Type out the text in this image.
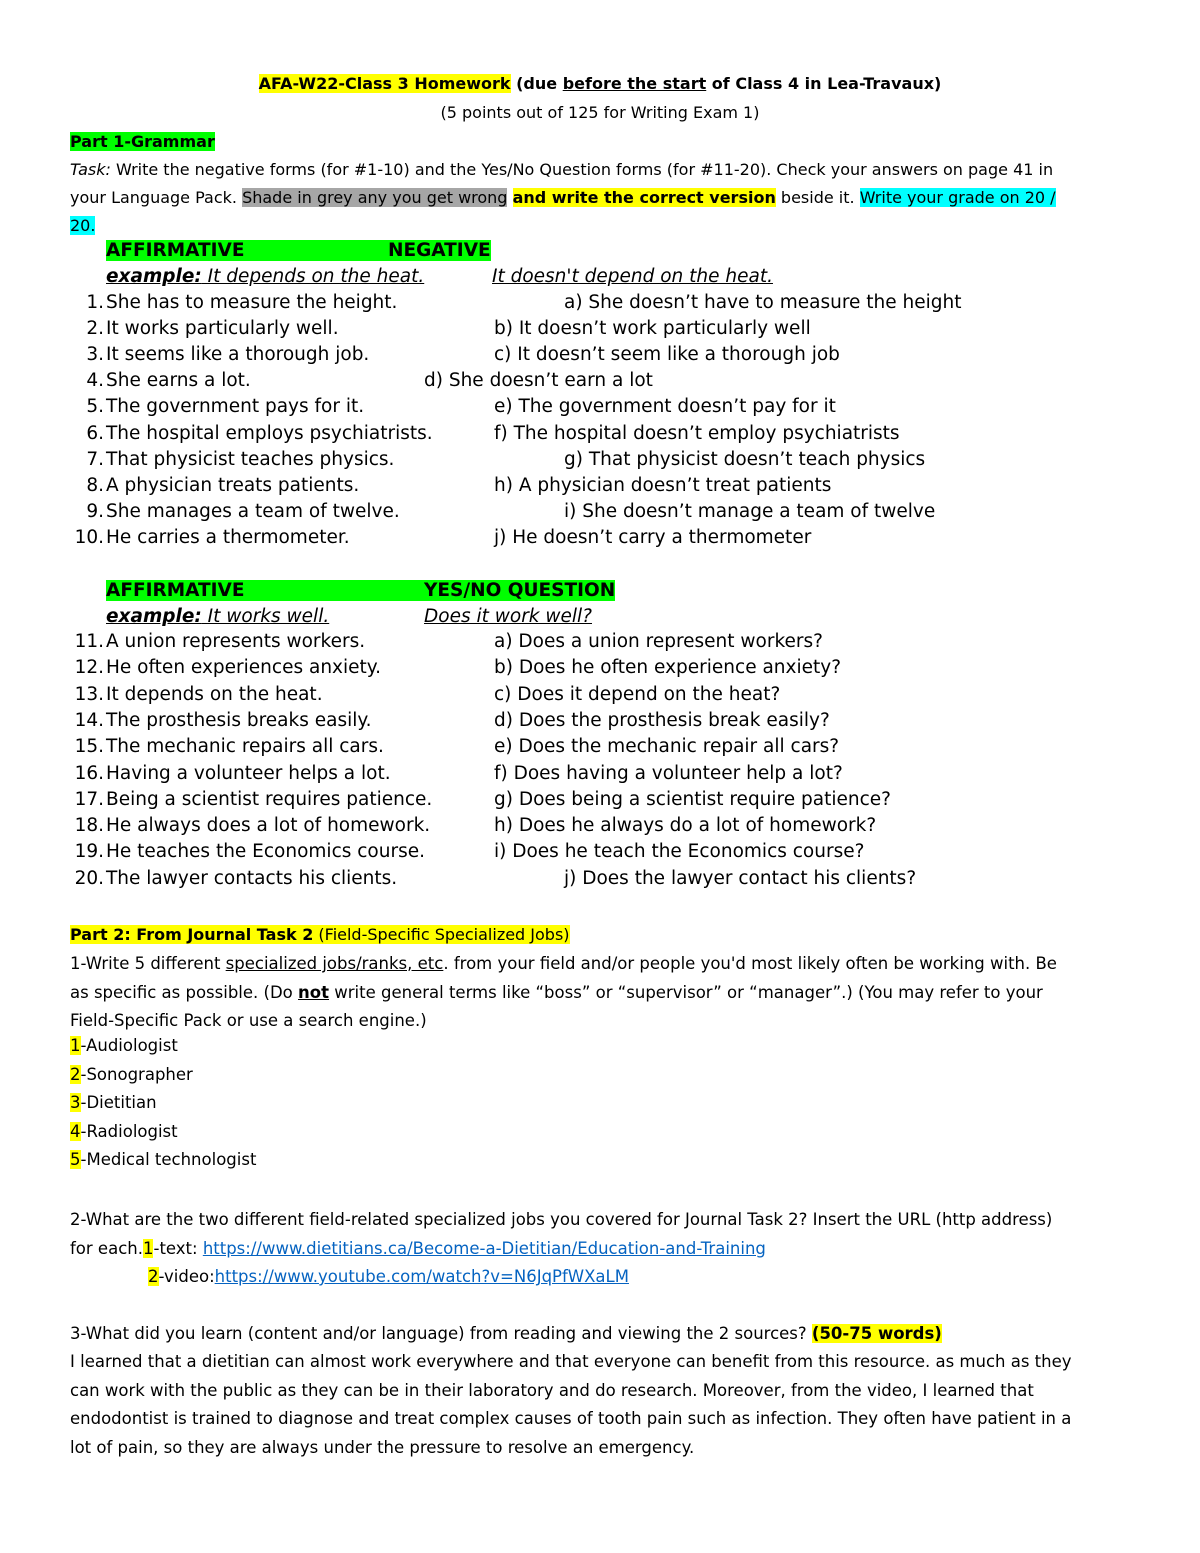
AFA-W22-Class 3 Homework (due before the start of Class 4 in Lea-Travaux)
(5 points out of 125 for Writing Exam 1)
Part 1-Grammar
Task: Write the negative forms (for #1-10) and the Yes/No Question forms (for #11-20). Check your answers on page 41 in
your Language Pack. Shade in grey any you get wrong and write the correct version beside it. Write your grade on 20 /
20.
AFFIRMATIVE	NEGATIVE
example: It depends on the heat.	It doesn't depend on the heat.
1. She has to measure the height.	a) She doesn’t have to measure the height
2. It works particularly well.	b) It doesn’t work particularly well
3. It seems like a thorough job.	c) It doesn’t seem like a thorough job
4. She earns a lot.	d) She doesn’t earn a lot
5. The government pays for it.	e) The government doesn’t pay for it
6. The hospital employs psychiatrists.	f) The hospital doesn’t employ psychiatrists
7. That physicist teaches physics.	g) That physicist doesn’t teach physics
8. A physician treats patients.	h) A physician doesn’t treat patients
9. She manages a team of twelve.	i) She doesn’t manage a team of twelve
10. He carries a thermometer.	j) He doesn’t carry a thermometer
AFFIRMATIVE	YES/NO QUESTION
example: It works well.	Does it work well?
11. A union represents workers.	a) Does a union represent workers?
12. He often experiences anxiety.	b) Does he often experience anxiety?
13. It depends on the heat.	c) Does it depend on the heat?
14. The prosthesis breaks easily.	d) Does the prosthesis break easily?
15. The mechanic repairs all cars.	e) Does the mechanic repair all cars?
16. Having a volunteer helps a lot.	f) Does having a volunteer help a lot?
17. Being a scientist requires patience.	g) Does being a scientist require patience?
18. He always does a lot of homework.	h) Does he always do a lot of homework?
19. He teaches the Economics course.	i) Does he teach the Economics course?
20. The lawyer contacts his clients.	j) Does the lawyer contact his clients?
Part 2: From Journal Task 2 (Field-Specific Specialized Jobs)
1-Write 5 different specialized jobs/ranks, etc. from your field and/or people you'd most likely often be working with. Be
as specific as possible. (Do not write general terms like “boss” or “supervisor” or “manager”.) (You may refer to your
Field-Specific Pack or use a search engine.)
1-Audiologist
2-Sonographer
3-Dietitian
4-Radiologist
5-Medical technologist
2-What are the two different field-related specialized jobs you covered for Journal Task 2? Insert the URL (http address)
for each.1-text: https://www.dietitians.ca/Become-a-Dietitian/Education-and-Training
2-video:https://www.youtube.com/watch?v=N6JqPfWXaLM
3-What did you learn (content and/or language) from reading and viewing the 2 sources? (50-75 words)
I learned that a dietitian can almost work everywhere and that everyone can benefit from this resource. as much as they
can work with the public as they can be in their laboratory and do research. Moreover, from the video, I learned that
endodontist is trained to diagnose and treat complex causes of tooth pain such as infection. They often have patient in a
lot of pain, so they are always under the pressure to resolve an emergency.
